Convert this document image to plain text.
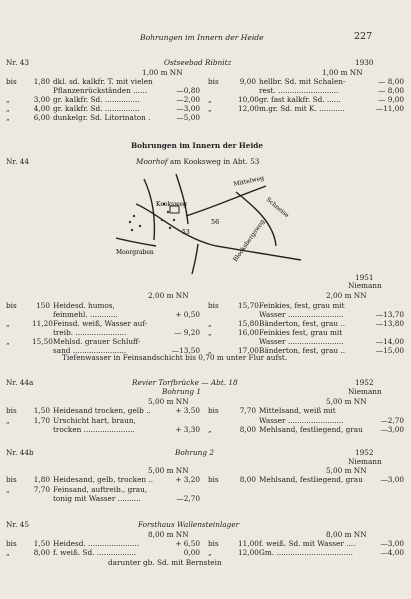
Bohrungen im Innern der Heide	227
Nr. 43	Ostseebad Ribnitz	1930
1,00 m NN	1,00 m NN
bis 1,80 dkl. sd. kalkfr. T. mit vielen
Pflanzenrückständen ......	—0,80
„	3,00 gr. kalkfr. Sd. ...............	—2,00
„	4,00 gr. kalkfr. Sd. ...............	—3,00
„	6,00 dunkelgr. Sd. Litorinaton .	—5,00
bis	9,00 hellbr. Sd. mit Schalen-	— 8,00
rest. ..........................	— 8,00
„	10,00 gr. fast kalkfr. Sd. ......	— 9,00
„	12,00 m.gr. Sd. mit K. ...........	—11,00
Bohrungen im Innern der Heide
Nr. 44	Moorhof am Kooksweg in Abt. 53
Kooksweg
53
56
Mittelweg
Schneise
Blocksbergsweg
Moorgraben
1951
Niemann
2,00 m NN	2,00 m NN
bis	150 Heidesd. humos,
feinmehl. ............	+ 0,50
„	11,20 Feinsd. weiß, Wasser auf-
treib. ......................	— 9,20
„	15,50 Mehlsd. grauer Schluff-
sand .......................	—13,50
bis	15,70 Feinkies, fest, grau mit
Wasser ........................	—13,70
„	15,80 Bänderton, fest, grau ..	—13,80
„	16,00 Feinkies fest, grau mit
Wasser ........................	—14,00
„	17,00 Bänderton, fest, grau ..	—15,00
Tiefenwasser in Feinsandschicht bis 0,70 m unter Flur aufst.
Nr. 44a	Revier Torfbrücke — Abt. 18	1952
Bohrung 1	Niemann
5,00 m NN	5,00 m NN
bis 1,50 Heidesand trocken, gelb ..	+ 3,50
„	1,70 Urschicht hart, braun,
trocken ......................	+ 3,30
bis	7,70 Mittelsand, weiß mit
Wasser ........................	—2,70
„	8,00 Mehlsand, festliegend, grau	—3,00
Nr. 44b	Bohrung 2	1952
Niemann
5,00 m NN	5,00 m NN
bis 1,80 Heidesand, gelb, trocken ..	+ 3,20
„	7,70 Feinsand, auftreib., grau,
tonig mit Wasser ..........	—2,70
bis	8,00 Mehlsand, festliegend, grau	—3,00
Nr. 45	Forsthaus Wallensteinlager
8,00 m NN	8,00 m NN
bis 1,50 Heidesd. ......................	+ 6,50
„	8,00 f. weiß. Sd. .................	0,00
bis	11,00 f. weiß. Sd. mit Wasser ....	—3,00
„	12,00 Gm. .................................	—4,00
darunter gb. Sd. mit Bernstein
